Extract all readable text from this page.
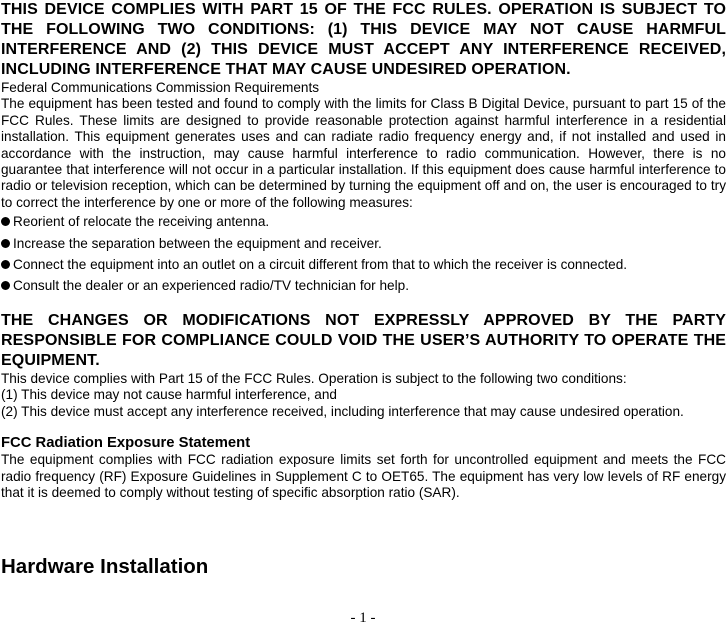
THIS DEVICE COMPLIES WITH PART 15 OF THE FCC RULES. OPERATION IS SUBJECT TO THE FOLLOWING TWO CONDITIONS: (1) THIS DEVICE MAY NOT CAUSE HARMFUL INTERFERENCE AND (2) THIS DEVICE MUST ACCEPT ANY INTERFERENCE RECEIVED, INCLUDING INTERFERENCE THAT MAY CAUSE UNDESIRED OPERATION.

Federal Communications Commission Requirements

The equipment has been tested and found to comply with the limits for Class B Digital Device, pursuant to part 15 of the FCC Rules. These limits are designed to provide reasonable protection against harmful interference in a residential installation. This equipment generates uses and can radiate radio frequency energy and, if not installed and used in accordance with the instruction, may cause harmful interference to radio communication. However, there is no guarantee that interference will not occur in a particular installation. If this equipment does cause harmful interference to radio or television reception, which can be determined by turning the equipment off and on, the user is encouraged to try to correct the interference by one or more of the following measures:

Reorient of relocate the receiving antenna.
Increase the separation between the equipment and receiver.
Connect the equipment into an outlet on a circuit different from that to which the receiver is connected.
Consult the dealer or an experienced radio/TV technician for help.

THE CHANGES OR MODIFICATIONS NOT EXPRESSLY APPROVED BY THE PARTY RESPONSIBLE FOR COMPLIANCE COULD VOID THE USER’S AUTHORITY TO OPERATE THE EQUIPMENT.

This device complies with Part 15 of the FCC Rules. Operation is subject to the following two conditions:

(1) This device may not cause harmful interference, and

(2) This device must accept any interference received, including interference that may cause undesired operation.

FCC Radiation Exposure Statement

The equipment complies with FCC radiation exposure limits set forth for uncontrolled equipment and meets the FCC radio frequency (RF) Exposure Guidelines in Supplement C to OET65. The equipment has very low levels of RF energy that it is deemed to comply without testing of specific absorption ratio (SAR).

Hardware Installation

- 1 -
